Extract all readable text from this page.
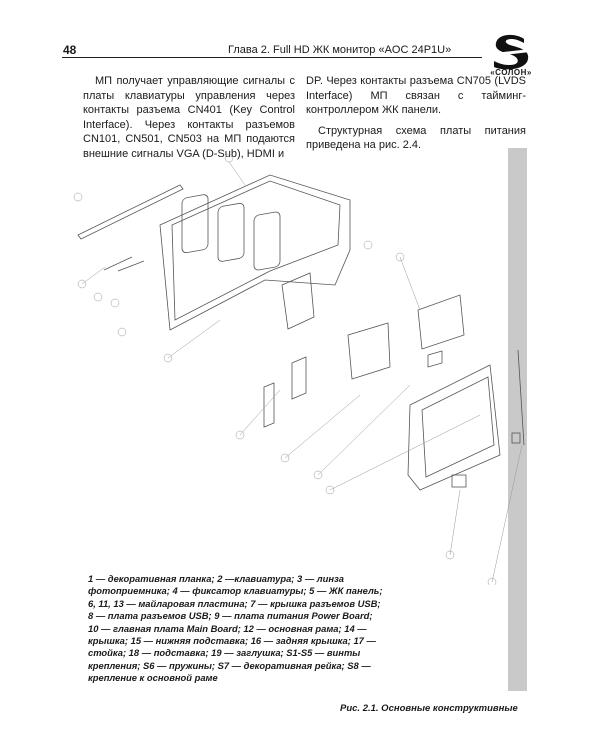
48	Глава 2. Full HD ЖК монитор «AOC 24P1U»
«СОЛОН»

МП получает управляющие сигналы с платы клавиатуры управления через контакты разъема CN401 (Key Control Interface). Через контакты разъемов CN101, CN501, CN503 на МП подаются внешние сигналы VGA (D-Sub), HDMI и

DP. Через контакты разъема CN705 (LVDS Interface) МП связан с тайминг-контроллером ЖК панели.

Структурная схема платы питания приведена на рис. 2.4.

1 — декоративная планка; 2 —клавиатура; 3 — линза
фотоприемника; 4 — фиксатор клавиатуры; 5 — ЖК панель;
6, 11, 13 — майларовая пластина; 7 — крышка разъемов USB;
8 — плата разъемов USB; 9 — плата питания Power Board;
10 — главная плата Main Board; 12 — основная рама; 14 —
крышка; 15 — нижняя подставка; 16 — задняя крышка; 17 —
стойка; 18 — подставка; 19 — заглушка; S1-S5 — винты
крепления; S6 — пружины; S7 — декоративная рейка; S8 —
крепление к основной раме
Рис. 2.1. Основные конструктивные
